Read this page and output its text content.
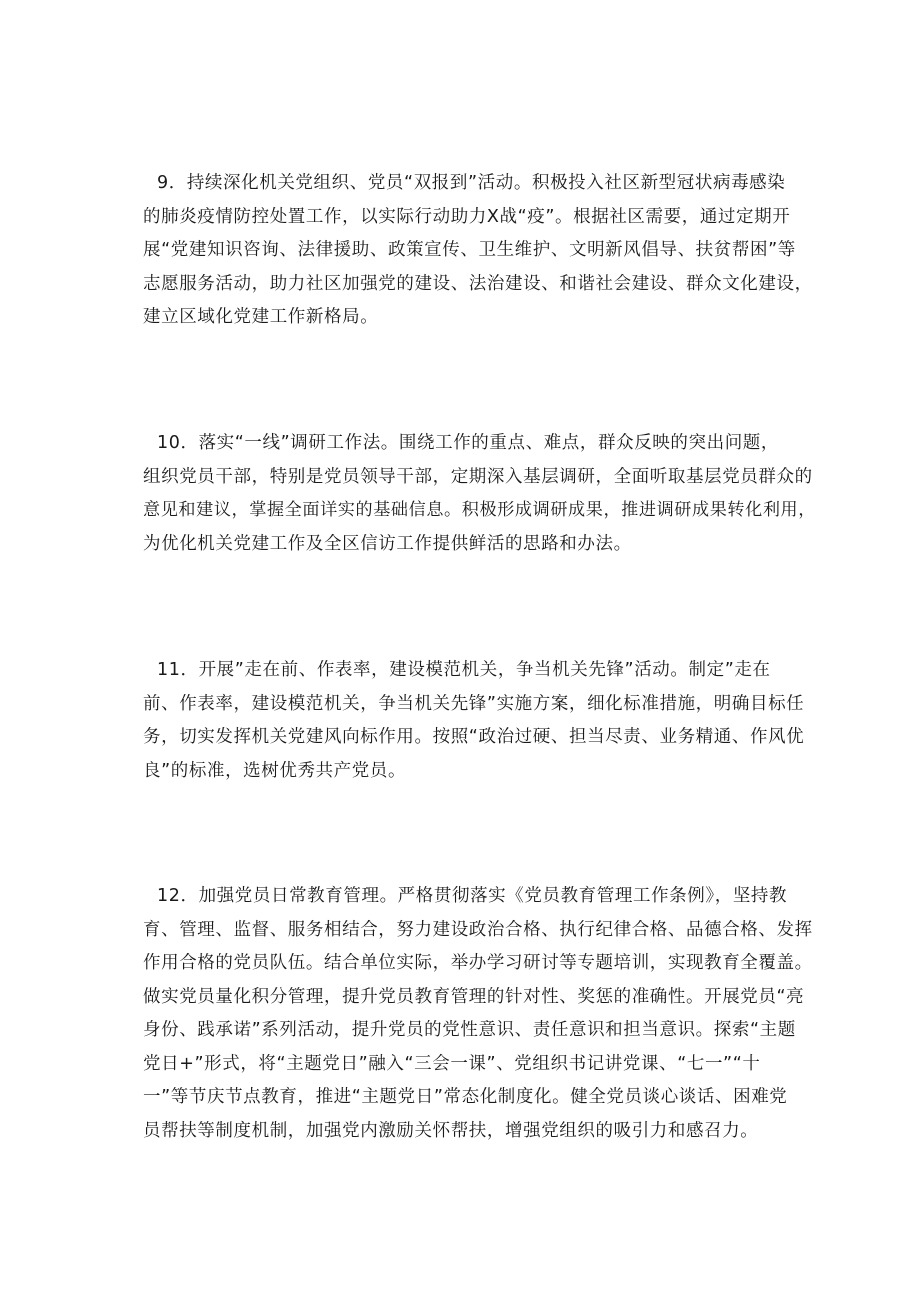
9．持续深化机关党组织、党员“双报到”活动。积极投入社区新型冠状病毒感染
的肺炎疫情防控处置工作，以实际行动助力X战“疫”。根据社区需要，通过定期开
展“党建知识咨询、法律援助、政策宣传、卫生维护、文明新风倡导、扶贫帮困”等
志愿服务活动，助力社区加强党的建设、法治建设、和谐社会建设、群众文化建设，
建立区域化党建工作新格局。
10．落实“一线”调研工作法。围绕工作的重点、难点，群众反映的突出问题，
组织党员干部，特别是党员领导干部，定期深入基层调研，全面听取基层党员群众的
意见和建议，掌握全面详实的基础信息。积极形成调研成果，推进调研成果转化利用，
为优化机关党建工作及全区信访工作提供鲜活的思路和办法。
11．开展”走在前、作表率，建设模范机关，争当机关先锋”活动。制定”走在
前、作表率，建设模范机关，争当机关先锋”实施方案，细化标准措施，明确目标任
务，切实发挥机关党建风向标作用。按照“政治过硬、担当尽责、业务精通、作风优
良”的标准，选树优秀共产党员。
12．加强党员日常教育管理。严格贯彻落实《党员教育管理工作条例》，坚持教
育、管理、监督、服务相结合，努力建设政治合格、执行纪律合格、品德合格、发挥
作用合格的党员队伍。结合单位实际，举办学习研讨等专题培训，实现教育全覆盖。
做实党员量化积分管理，提升党员教育管理的针对性、奖惩的准确性。开展党员“亮
身份、践承诺”系列活动，提升党员的党性意识、责任意识和担当意识。探索“主题
党日+”形式，将“主题党日”融入“三会一课”、党组织书记讲党课、“七一”“十
一”等节庆节点教育，推进“主题党日”常态化制度化。健全党员谈心谈话、困难党
员帮扶等制度机制，加强党内激励关怀帮扶，增强党组织的吸引力和感召力。
